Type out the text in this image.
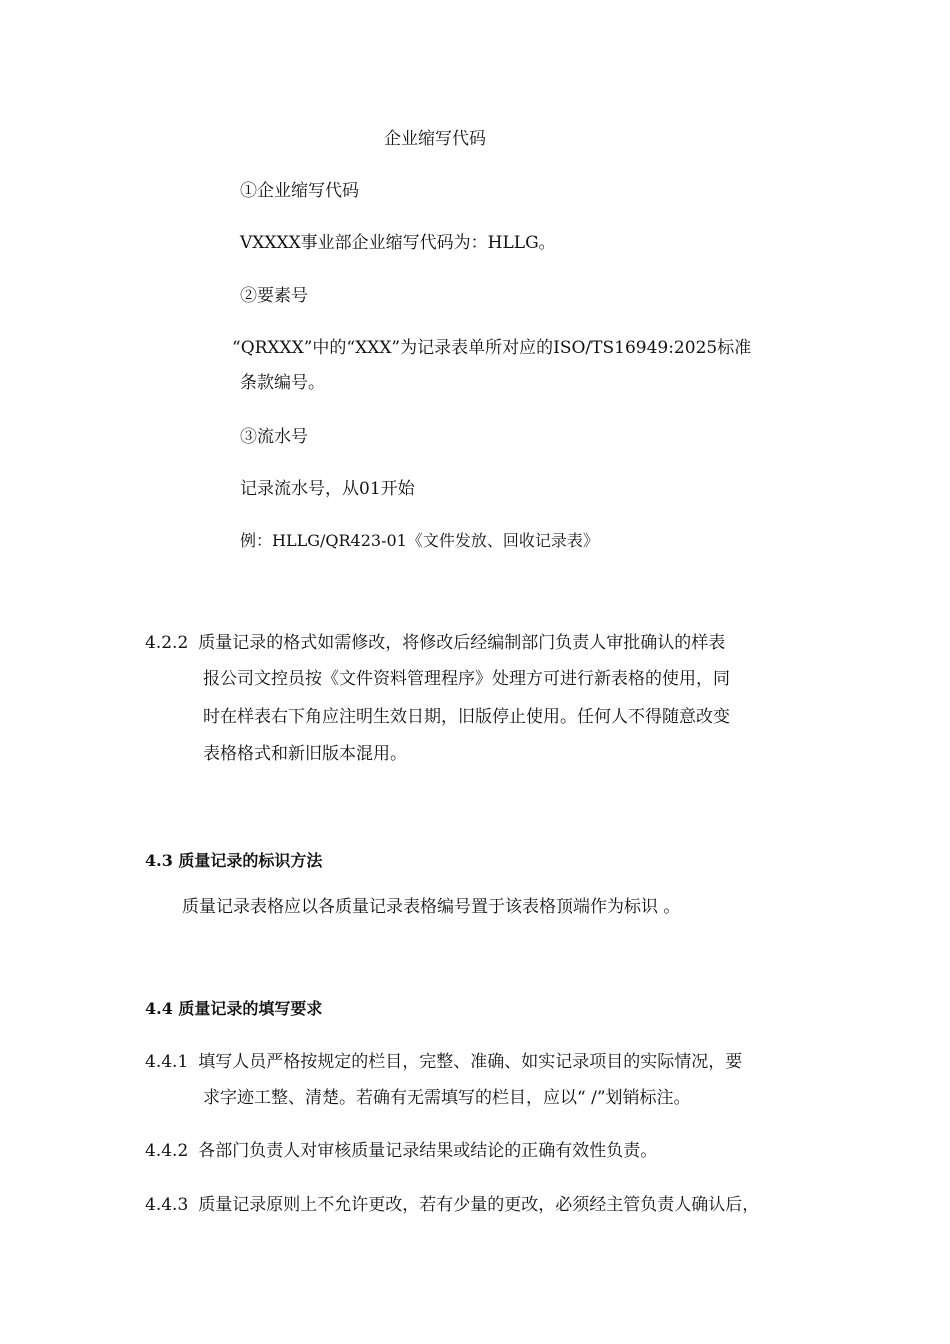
企业缩写代码
①企业缩写代码
VXXXX事业部企业缩写代码为：HLLG。
②要素号
“QRXXX”中的“XXX”为记录表单所对应的ISO/TS16949:2025标准
条款编号。
③流水号
记录流水号，从01开始
例：HLLG/QR423-01《文件发放、回收记录表》
4.2.2 质量记录的格式如需修改，将修改后经编制部门负责人审批确认的样表
报公司文控员按《文件资料管理程序》处理方可进行新表格的使用，同
时在样表右下角应注明生效日期，旧版停止使用。任何人不得随意改变
表格格式和新旧版本混用。
4.3 质量记录的标识方法
质量记录表格应以各质量记录表格编号置于该表格顶端作为标识 。
4.4 质量记录的填写要求
4.4.1 填写人员严格按规定的栏目，完整、准确、如实记录项目的实际情况，要
求字迹工整、清楚。若确有无需填写的栏目，应以“ /”划销标注。
4.4.2 各部门负责人对审核质量记录结果或结论的正确有效性负责。
4.4.3 质量记录原则上不允许更改，若有少量的更改，必须经主管负责人确认后，
